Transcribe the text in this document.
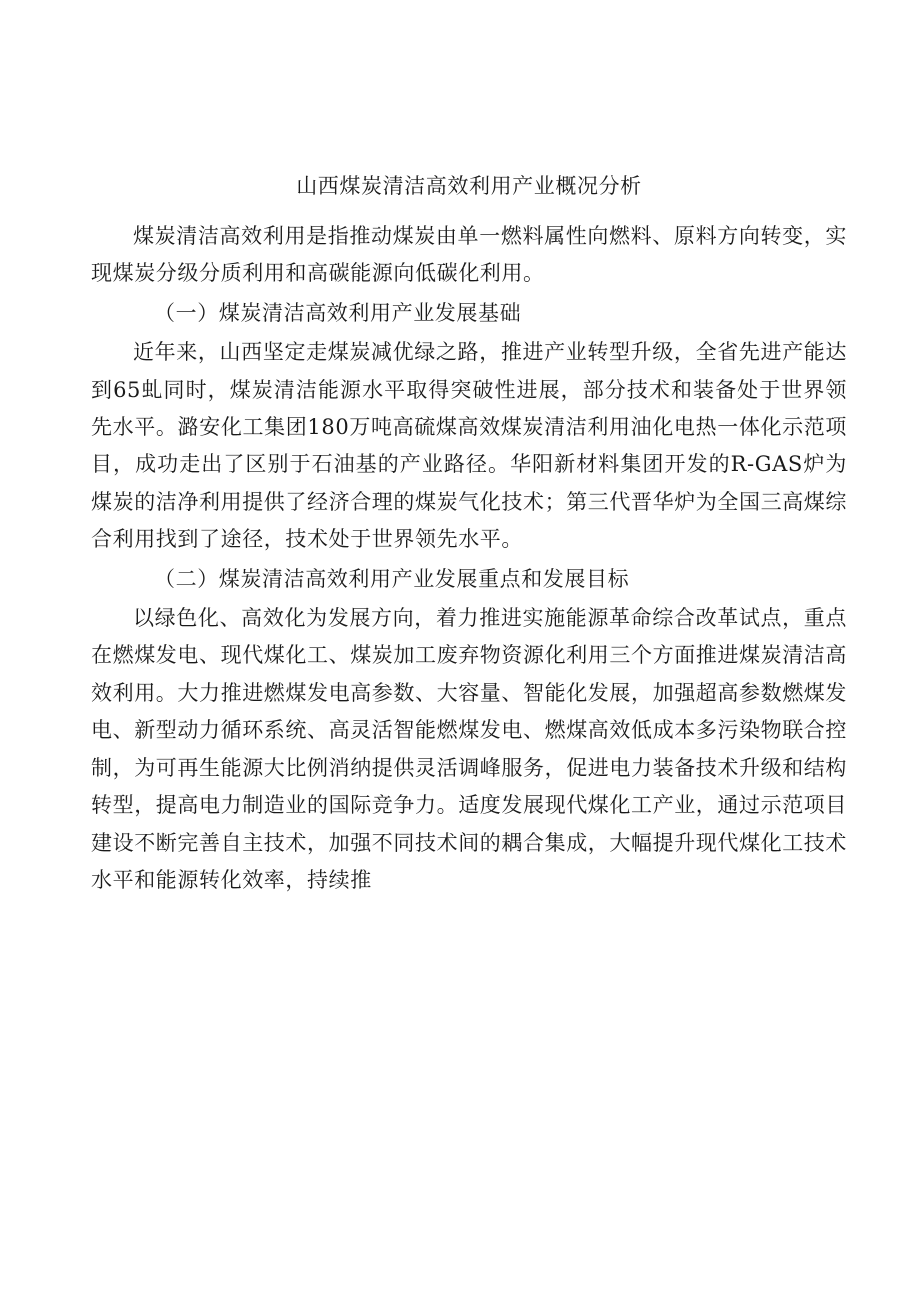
山西煤炭清洁高效利用产业概况分析

煤炭清洁高效利用是指推动煤炭由单一燃料属性向燃料、原料方向转变，实现煤炭分级分质利用和高碳能源向低碳化利用。

（一）煤炭清洁高效利用产业发展基础

近年来，山西坚定走煤炭减优绿之路，推进产业转型升级，全省先进产能达到65虬同时，煤炭清洁能源水平取得突破性进展，部分技术和装备处于世界领先水平。潞安化工集团180万吨高硫煤高效煤炭清洁利用油化电热一体化示范项目，成功走出了区别于石油基的产业路径。华阳新材料集团开发的R-GAS炉为煤炭的洁净利用提供了经济合理的煤炭气化技术；第三代晋华炉为全国三高煤综合利用找到了途径，技术处于世界领先水平。

（二）煤炭清洁高效利用产业发展重点和发展目标

以绿色化、高效化为发展方向，着力推进实施能源革命综合改革试点，重点在燃煤发电、现代煤化工、煤炭加工废弃物资源化利用三个方面推进煤炭清洁高效利用。大力推进燃煤发电高参数、大容量、智能化发展，加强超高参数燃煤发电、新型动力循环系统、高灵活智能燃煤发电、燃煤高效低成本多污染物联合控制，为可再生能源大比例消纳提供灵活调峰服务，促进电力装备技术升级和结构转型，提高电力制造业的国际竞争力。适度发展现代煤化工产业，通过示范项目建设不断完善自主技术，加强不同技术间的耦合集成，大幅提升现代煤化工技术水平和能源转化效率，持续推
